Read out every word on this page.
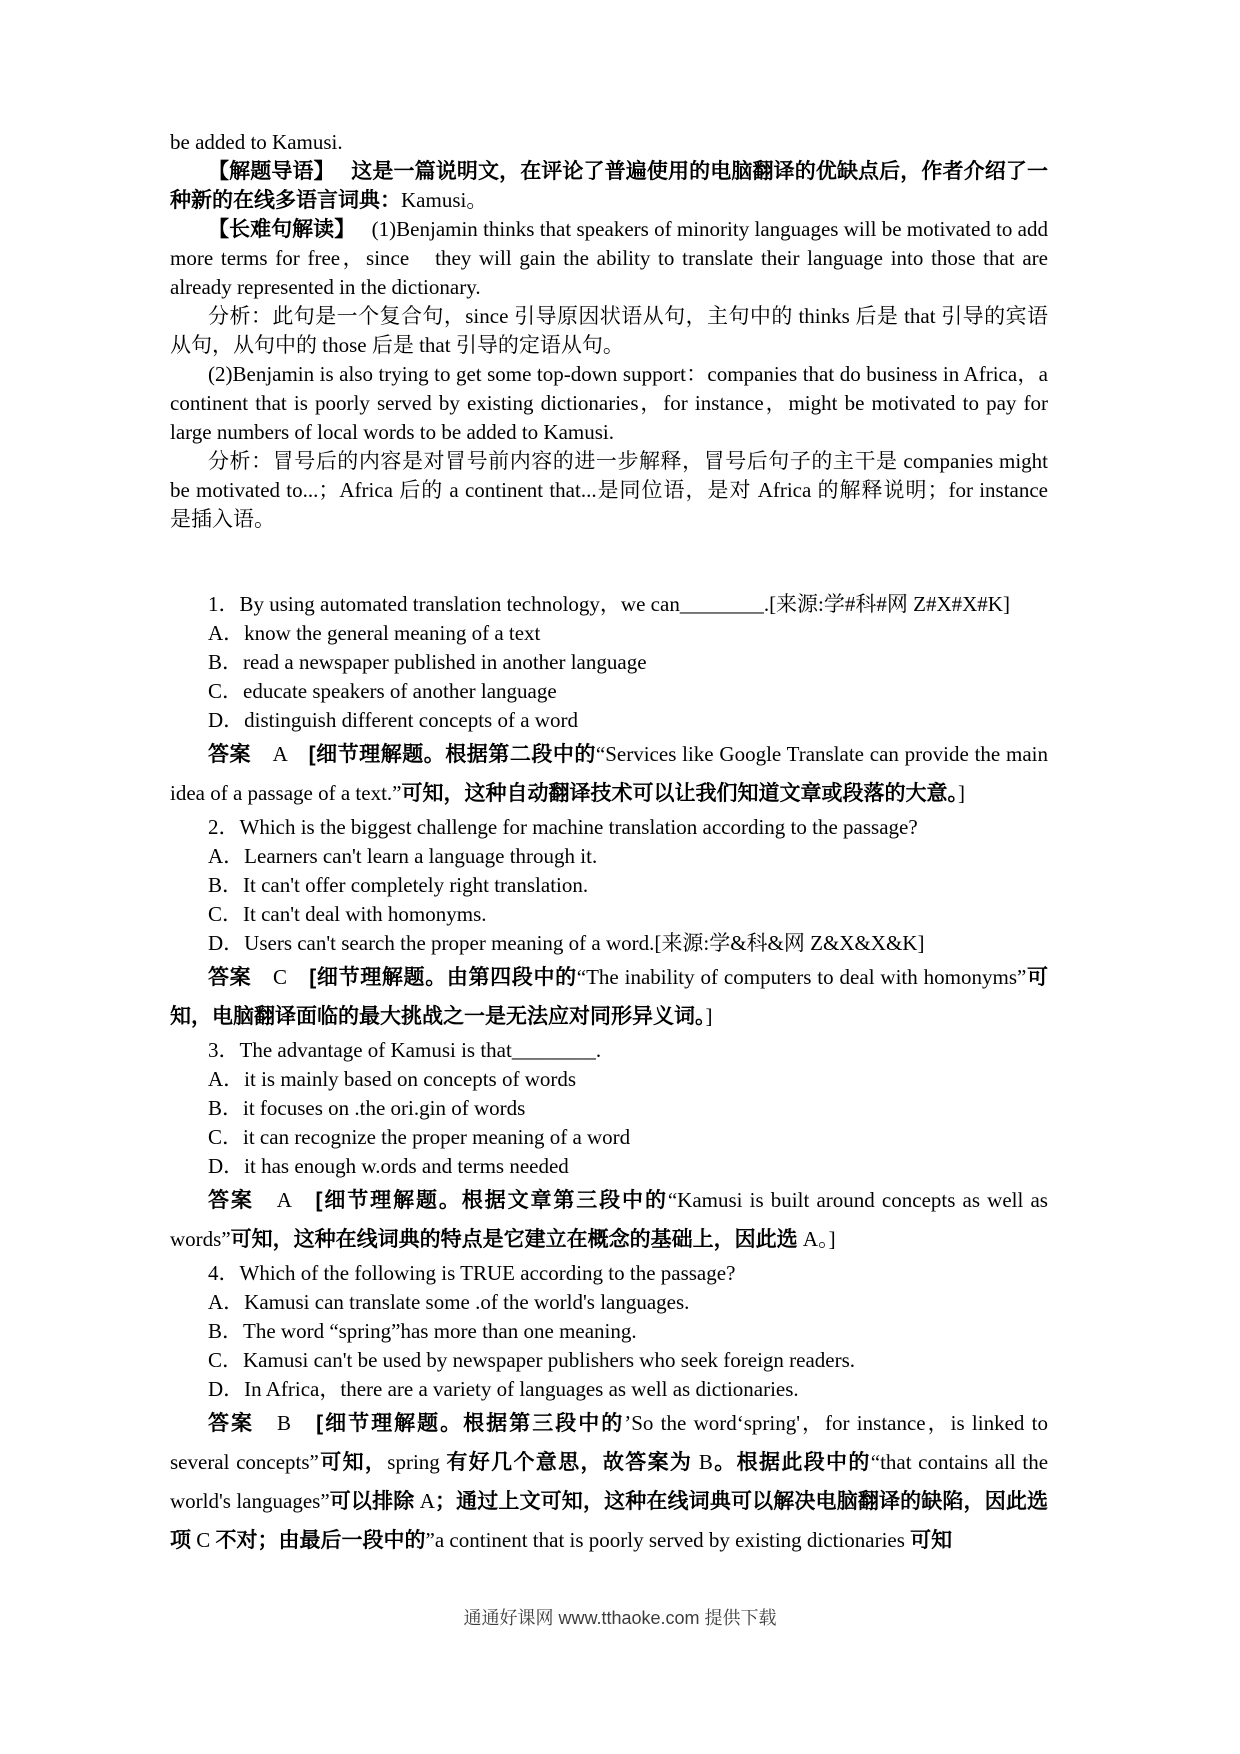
be added to Kamusi.

【解题导语】　 这是一篇说明文，在评论了普遍使用的电脑翻译的优缺点后，作者介绍了一种新的在线多语言词典：Kamusi。

【长难句解读】　 (1)Benjamin thinks that speakers of minority languages will be motivated to add more terms for free，since　they will gain the ability to translate their language into those that are already represented in the dictionary.

分析：此句是一个复合句，since 引导原因状语从句，主句中的 thinks 后是 that 引导的宾语从句，从句中的 those 后是 that 引导的定语从句。

(2)Benjamin is also trying to get some top-down support：companies that do business in Africa，a continent that is poorly served by existing dictionaries，for instance，might be motivated to pay for large numbers of local words to be added to Kamusi.

分析：冒号后的内容是对冒号前内容的进一步解释，冒号后句子的主干是 companies might be motivated to...；Africa 后的 a continent that...是同位语，是对 Africa 的解释说明；for instance 是插入语。

1．By using automated translation technology，we can________.[来源:学#科#网 Z#X#X#K]

A．know the general meaning of a text

B．read a newspaper published in another language

C．educate speakers of another language

D．distinguish different concepts of a word

答案　A　[细节理解题。根据第二段中的“Services like Google Translate can provide the main idea of a passage of a text.”可知，这种自动翻译技术可以让我们知道文章或段落的大意。]

2．Which is the biggest challenge for machine translation according to the passage?

A．Learners can't learn a language through it.

B．It can't offer completely right translation.

C．It can't deal with homonyms.

D．Users can't search the proper meaning of a word.[来源:学&科&网 Z&X&X&K]

答案　C　[细节理解题。由第四段中的“The inability of computers to deal with homonyms”可知，电脑翻译面临的最大挑战之一是无法应对同形异义词。]

3．The advantage of Kamusi is that________.

A．it is mainly based on concepts of words

B．it focuses on .the ori.gin of words

C．it can recognize the proper meaning of a word

D．it has enough w.ords and terms needed

答案　A　[细节理解题。根据文章第三段中的“Kamusi is built around concepts as well as words”可知，这种在线词典的特点是它建立在概念的基础上，因此选 A。]

4．Which of the following is TRUE according to the passage?

A．Kamusi can translate some .of the world's languages.

B．The word “spring”has more than one meaning.

C．Kamusi can't be used by newspaper publishers who seek foreign readers.

D．In Africa，there are a variety of languages as well as dictionaries.

答案　B　[细节理解题。根据第三段中的’So the word‘spring'，for instance，is linked to several concepts”可知，spring 有好几个意思，故答案为 B。根据此段中的“that contains all the world's languages”可以排除 A；通过上文可知，这种在线词典可以解决电脑翻译的缺陷，因此选项 C 不对；由最后一段中的”a continent that is poorly served by existing dictionaries 可知

通通好课网 www.tthaoke.com 提供下载
